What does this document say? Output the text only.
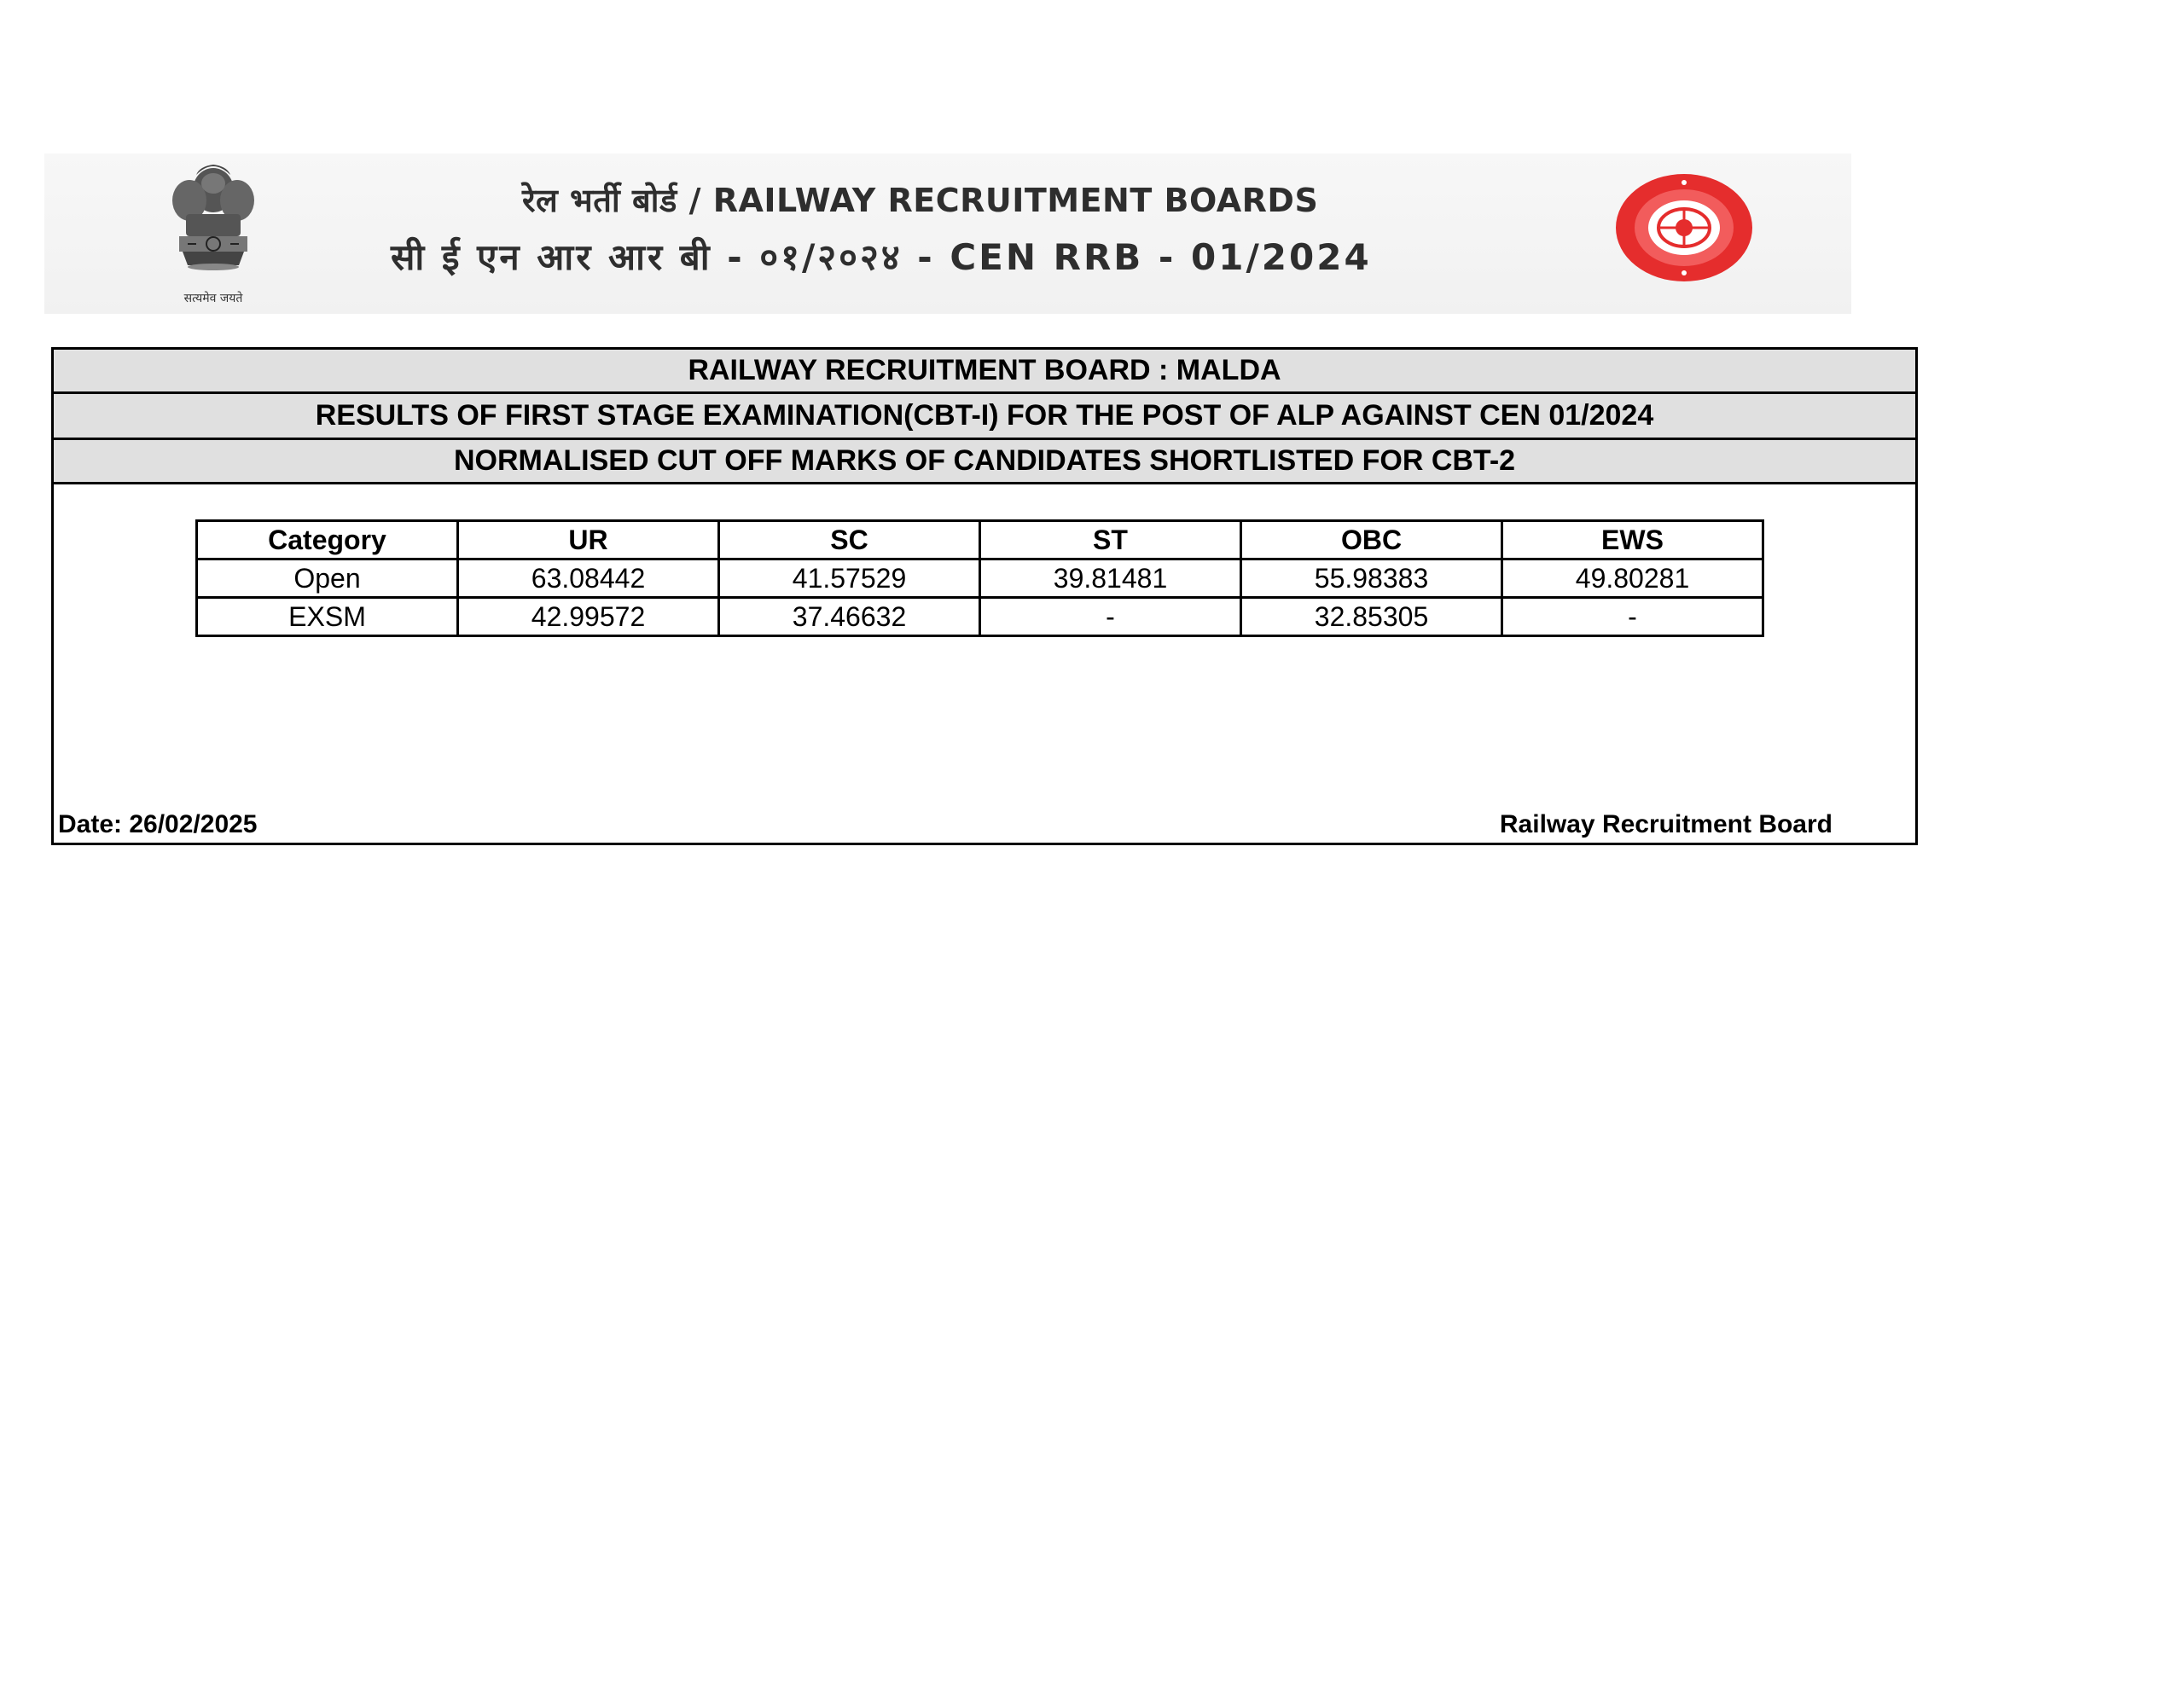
सत्यमेव जयते
रेल भर्ती बोर्ड / RAILWAY RECRUITMENT BOARDS
सी ई एन आर आर बी - ०१/२०२४ - CEN RRB - 01/2024
RAILWAY RECRUITMENT BOARD : MALDA
RESULTS OF FIRST STAGE EXAMINATION(CBT-I) FOR THE POST OF ALP AGAINST CEN 01/2024
NORMALISED CUT OFF MARKS OF CANDIDATES SHORTLISTED FOR CBT-2
Category	UR	SC	ST	OBC	EWS
Open	63.08442	41.57529	39.81481	55.98383	49.80281
EXSM	42.99572	37.46632	-	32.85305	-
Date: 26/02/2025	Railway Recruitment Board
